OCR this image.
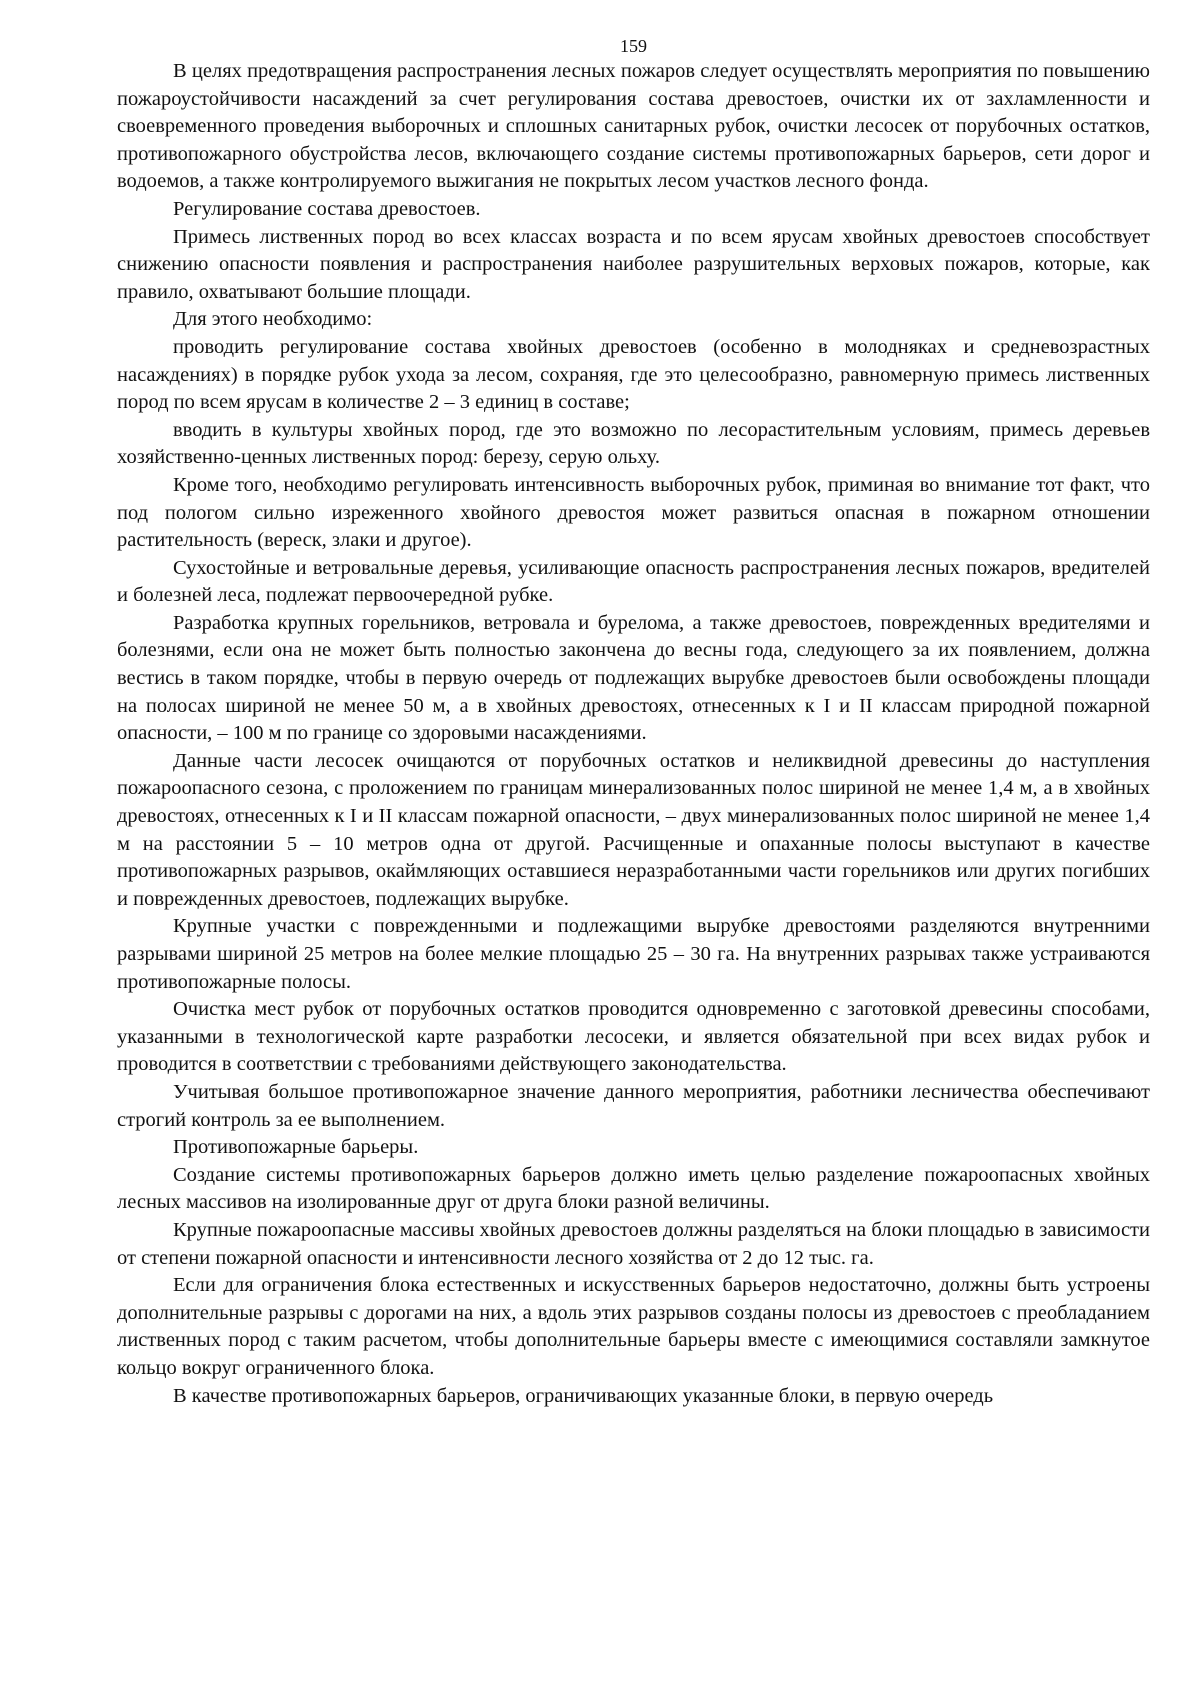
159

В целях предотвращения распространения лесных пожаров следует осуществлять мероприятия по повышению пожароустойчивости насаждений за счет регулирования состава древостоев, очистки их от захламленности и своевременного проведения выборочных и сплошных санитарных рубок, очистки лесосек от порубочных остатков, противопожарного обустройства лесов, включающего создание системы противопожарных барьеров, сети дорог и водоемов, а также контролируемого выжигания не покрытых лесом участков лесного фонда.

Регулирование состава древостоев.

Примесь лиственных пород во всех классах возраста и по всем ярусам хвойных древостоев способствует снижению опасности появления и распространения наиболее разрушительных верховых пожаров, которые, как правило, охватывают большие площади.

Для этого необходимо:

проводить регулирование состава хвойных древостоев (особенно в молодняках и средневозрастных насаждениях) в порядке рубок ухода за лесом, сохраняя, где это целесообразно, равномерную примесь лиственных пород по всем ярусам в количестве 2 – 3 единиц в составе;

вводить в культуры хвойных пород, где это возможно по лесорастительным условиям, примесь деревьев хозяйственно-ценных лиственных пород: березу, серую ольху.

Кроме того, необходимо регулировать интенсивность выборочных рубок, приминая во внимание тот факт, что под пологом сильно изреженного хвойного древостоя может развиться опасная в пожарном отношении растительность (вереск, злаки и другое).

Сухостойные и ветровальные деревья, усиливающие опасность распространения лесных пожаров, вредителей и болезней леса, подлежат первоочередной рубке.

Разработка крупных горельников, ветровала и бурелома, а также древостоев, поврежденных вредителями и болезнями, если она не может быть полностью закончена до весны года, следующего за их появлением, должна вестись в таком порядке, чтобы в первую очередь от подлежащих вырубке древостоев были освобождены площади на полосах шириной не менее 50 м, а в хвойных древостоях, отнесенных к I и II классам природной пожарной опасности, – 100 м по границе со здоровыми насаждениями.

Данные части лесосек очищаются от порубочных остатков и неликвидной древесины до наступления пожароопасного сезона, с проложением по границам минерализованных полос шириной не менее 1,4 м, а в хвойных древостоях, отнесенных к I и II классам пожарной опасности, – двух минерализованных полос шириной не менее 1,4 м на расстоянии 5 – 10 метров одна от другой. Расчищенные и опаханные полосы выступают в качестве противопожарных разрывов, окаймляющих оставшиеся неразработанными части горельников или других погибших и поврежденных древостоев, подлежащих вырубке.

Крупные участки с поврежденными и подлежащими вырубке древостоями разделяются внутренними разрывами шириной 25 метров на более мелкие площадью 25 – 30 га. На внутренних разрывах также устраиваются противопожарные полосы.

Очистка мест рубок от порубочных остатков проводится одновременно с заготовкой древесины способами, указанными в технологической карте разработки лесосеки, и является обязательной при всех видах рубок и проводится в соответствии с требованиями действующего законодательства.

Учитывая большое противопожарное значение данного мероприятия, работники лесничества обеспечивают строгий контроль за ее выполнением.

Противопожарные барьеры.

Создание системы противопожарных барьеров должно иметь целью разделение пожароопасных хвойных лесных массивов на изолированные друг от друга блоки разной величины.

Крупные пожароопасные массивы хвойных древостоев должны разделяться на блоки площадью в зависимости от степени пожарной опасности и интенсивности лесного хозяйства от 2 до 12 тыс. га.

Если для ограничения блока естественных и искусственных барьеров недостаточно, должны быть устроены дополнительные разрывы с дорогами на них, а вдоль этих разрывов созданы полосы из древостоев с преобладанием лиственных пород с таким расчетом, чтобы дополнительные барьеры вместе с имеющимися составляли замкнутое кольцо вокруг ограниченного блока.

В качестве противопожарных барьеров, ограничивающих указанные блоки, в первую очередь
